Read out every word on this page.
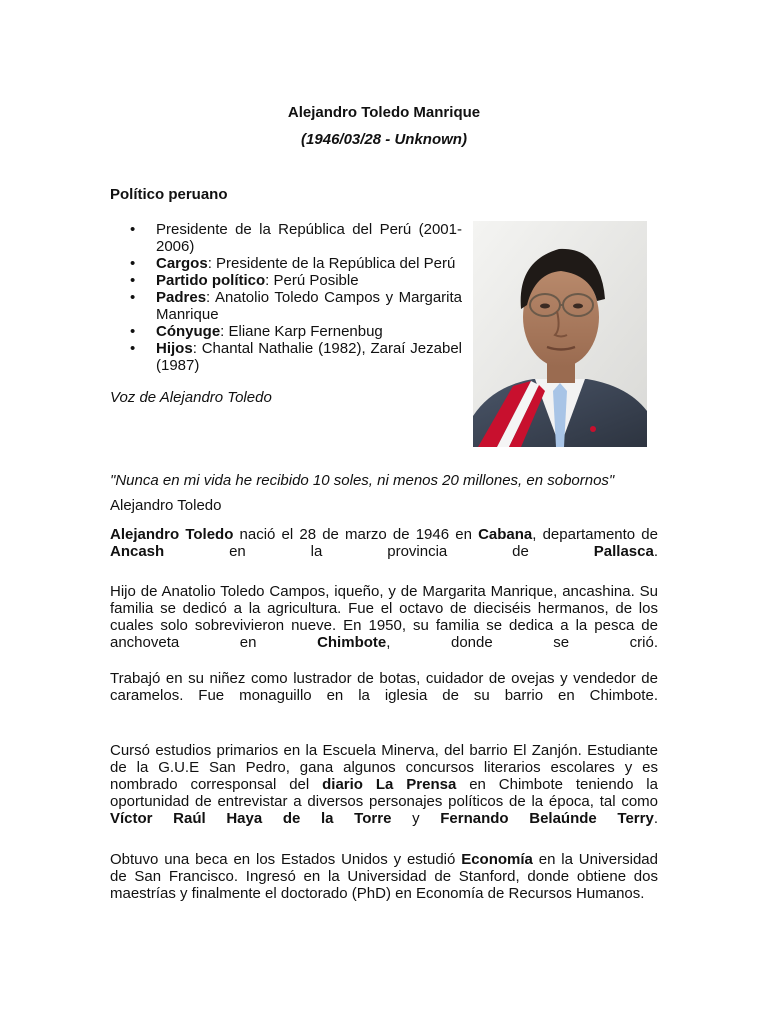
Alejandro Toledo Manrique
(1946/03/28 - Unknown)
Político peruano
• Presidente de la República del Perú (2001-2006)
• Cargos: Presidente de la República del Perú
• Partido político: Perú Posible
• Padres: Anatolio Toledo Campos y Margarita Manrique
• Cónyuge: Eliane Karp Fernenbug
• Hijos: Chantal Nathalie (1982), Zaraí Jezabel (1987)
Voz de Alejandro Toledo
"Nunca en mi vida he recibido 10 soles, ni menos 20 millones, en sobornos"
Alejandro Toledo

Alejandro Toledo nació el 28 de marzo de 1946 en Cabana, departamento de Ancash en la provincia de Pallasca.

Hijo de Anatolio Toledo Campos, iqueño, y de Margarita Manrique, ancashina. Su familia se dedicó a la agricultura. Fue el octavo de dieciséis hermanos, de los cuales solo sobrevivieron nueve. En 1950, su familia se dedica a la pesca de anchoveta en Chimbote, donde se crió.

Trabajó en su niñez como lustrador de botas, cuidador de ovejas y vendedor de caramelos. Fue monaguillo en la iglesia de su barrio en Chimbote.

Cursó estudios primarios en la Escuela Minerva, del barrio El Zanjón. Estudiante de la G.U.E San Pedro, gana algunos concursos literarios escolares y es nombrado corresponsal del diario La Prensa en Chimbote teniendo la oportunidad de entrevistar a diversos personajes políticos de la época, tal como Víctor Raúl Haya de la Torre y Fernando Belaúnde Terry.

Obtuvo una beca en los Estados Unidos y estudió Economía en la Universidad de San Francisco. Ingresó en la Universidad de Stanford, donde obtiene dos maestrías y finalmente el doctorado (PhD) en Economía de Recursos Humanos.
